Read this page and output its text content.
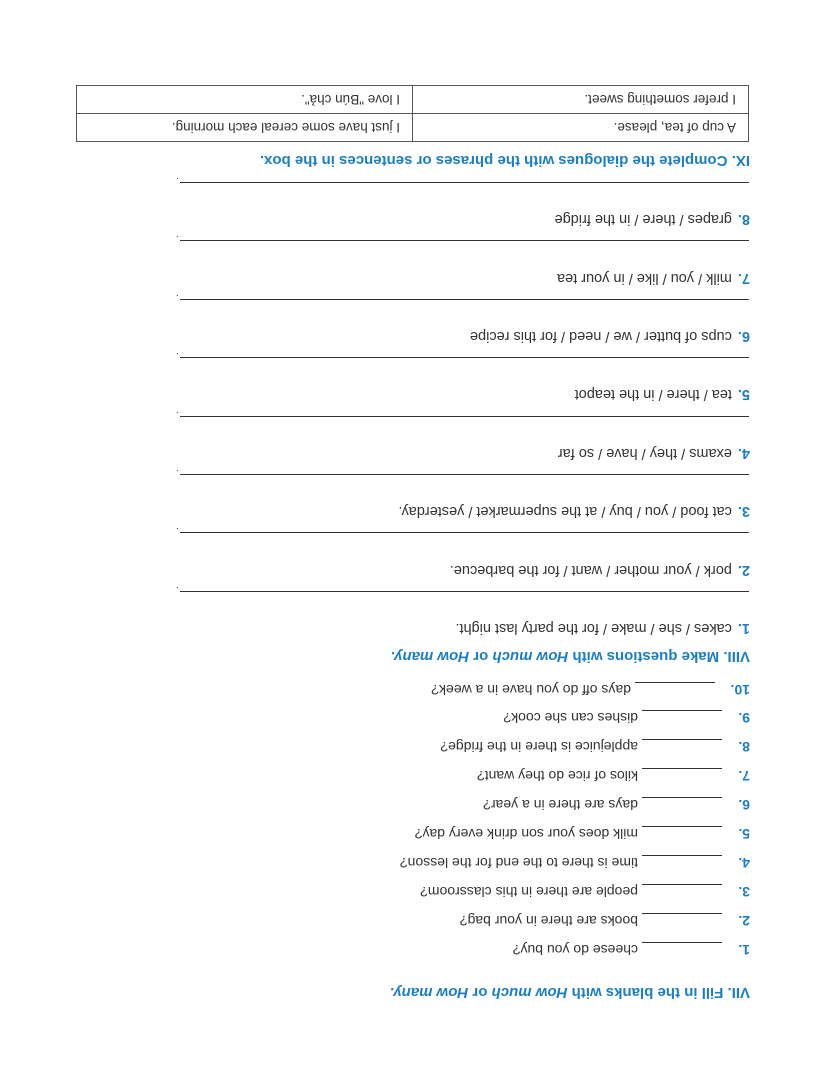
VII. Fill in the blanks with How much or How many.
1.
cheese do you buy?
2.
books are there in your bag?
3.
people are there in this classroom?
4.
time is there to the end for the lesson?
5.
milk does your son drink every day?
6.
days are there in a year?
7.
kilos of rice do they want?
8.
applejuice is there in the fridge?
9.
dishes can she cook?
10.
days off do you have in a week?
VIII. Make questions with How much or How many.
1.cakes / she / make / for the party last night.
.
2.pork / your mother / want / for the barbecue.
.
3.cat food / you / buy / at the supermarket / yesterday.
.
4.exams / they / have / so far
.
5.tea / there / in the teapot
.
6.cups of butter / we / need / for this recipe
.
7.milk / you / like / in your tea
.
8.grapes / there / in the fridge
.
IX. Complete the dialogues with the phrases or sentences in the box.
A cup of tea, please.	I just have some cereal each morning.
I prefer something sweet.	I love "Bún chả".
